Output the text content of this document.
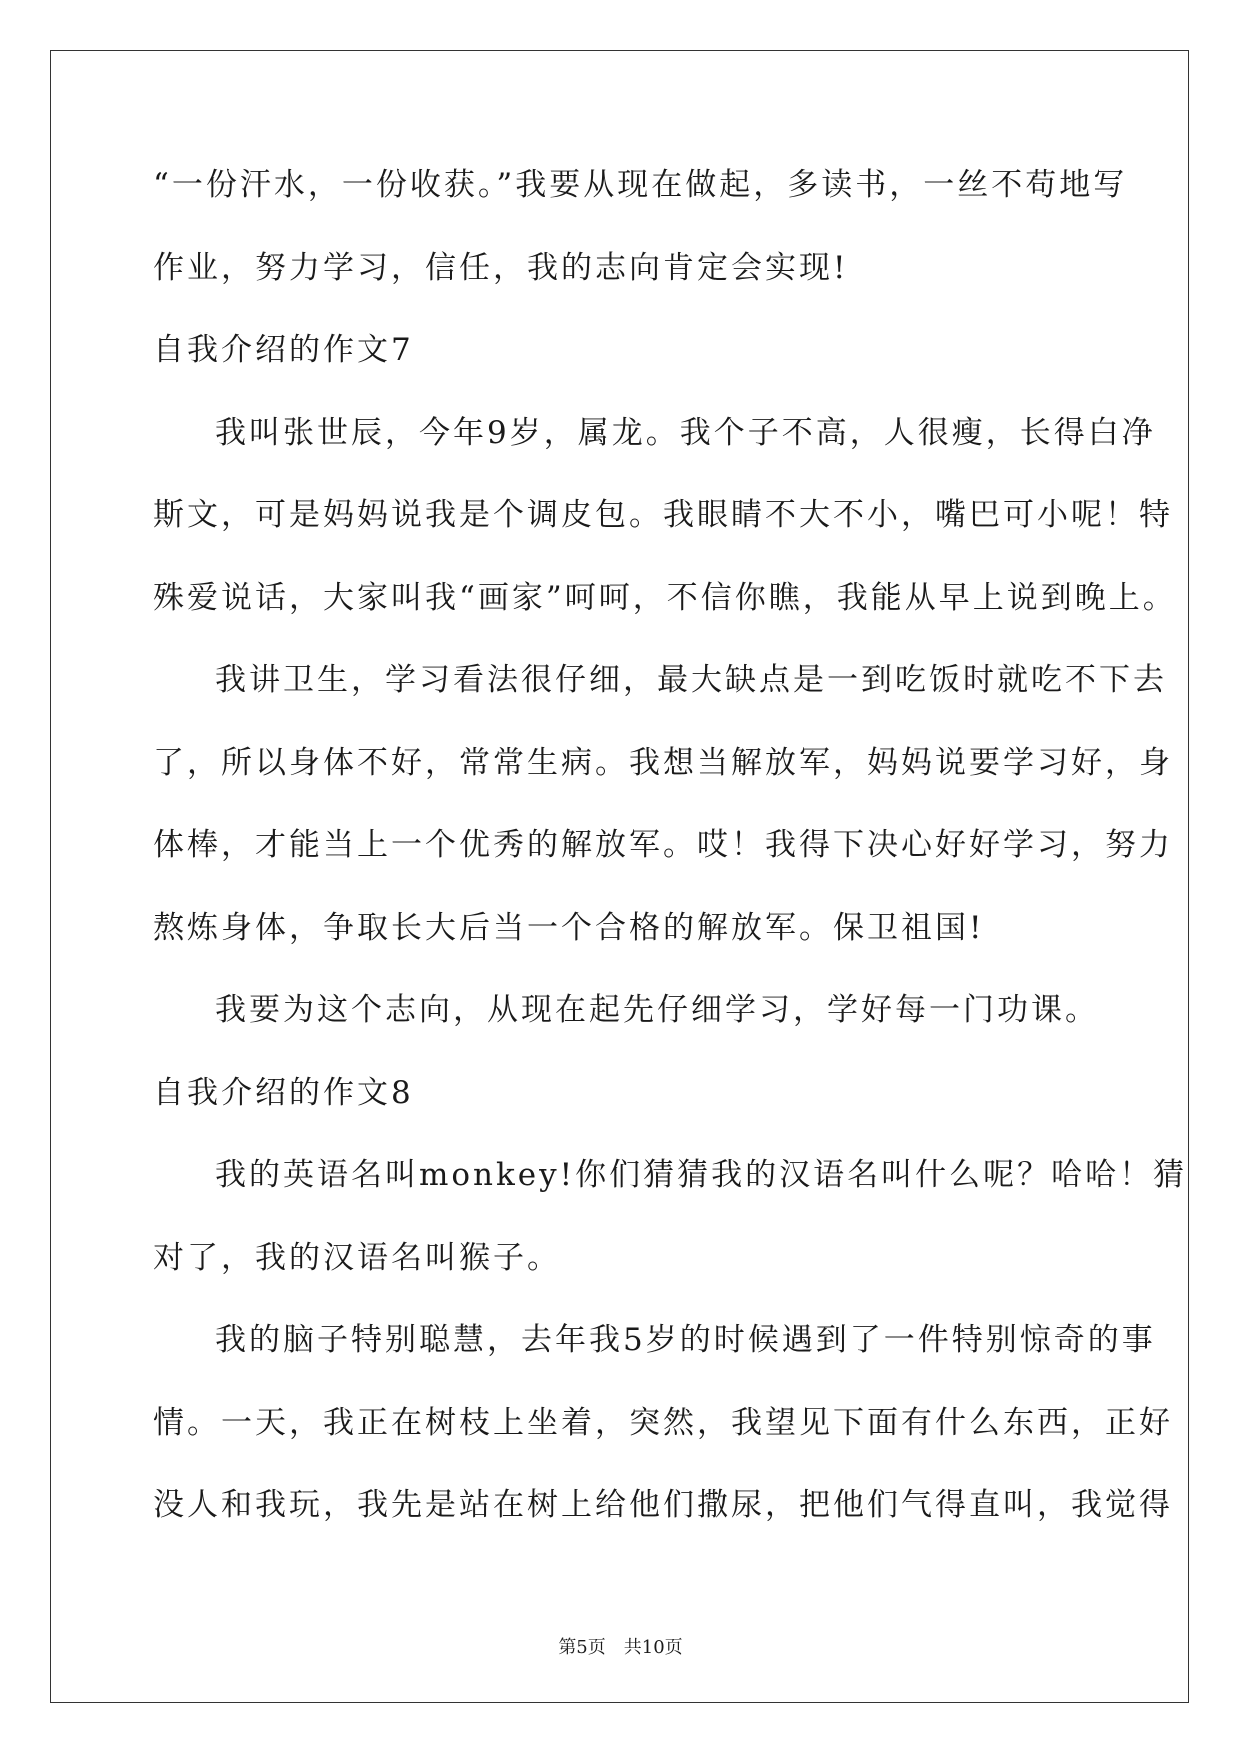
“一份汗水，一份收获。”我要从现在做起，多读书，一丝不苟地写
作业，努力学习，信任，我的志向肯定会实现!
自我介绍的作文7
我叫张世辰，今年9岁，属龙。我个子不高，人很瘦，长得白净
斯文，可是妈妈说我是个调皮包。我眼睛不大不小，嘴巴可小呢！特
殊爱说话，大家叫我“画家”呵呵，不信你瞧，我能从早上说到晚上。
我讲卫生，学习看法很仔细，最大缺点是一到吃饭时就吃不下去
了，所以身体不好，常常生病。我想当解放军，妈妈说要学习好，身
体棒，才能当上一个优秀的解放军。哎！我得下决心好好学习，努力
熬炼身体，争取长大后当一个合格的解放军。保卫祖国!
我要为这个志向，从现在起先仔细学习，学好每一门功课。
自我介绍的作文8
我的英语名叫monkey!你们猜猜我的汉语名叫什么呢？哈哈！猜
对了，我的汉语名叫猴子。
我的脑子特别聪慧，去年我5岁的时候遇到了一件特别惊奇的事
情。一天，我正在树枝上坐着，突然，我望见下面有什么东西，正好
没人和我玩，我先是站在树上给他们撒尿，把他们气得直叫，我觉得
第5页　共10页
